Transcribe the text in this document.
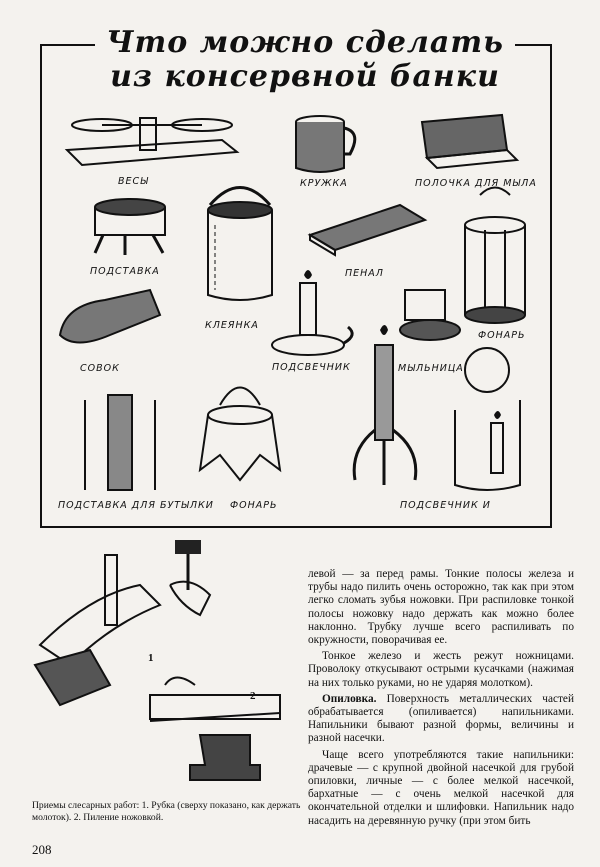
Что можно сделать
из консервной банки
ВЕСЫ	КРУЖКА	ПОЛОЧКА ДЛЯ МЫЛА
ПОДСТАВКА
КЛЕЯНКА
ПЕНАЛ
ФОНАРЬ
СОВОК	ПОДСВЕЧНИК	МЫЛЬНИЦА
ПОДСТАВКА ДЛЯ БУТЫЛКИ ФОНАРЬ	ПОДСВЕЧНИК И
1
2
Приемы слесарных работ: 1. Рубка (сверху показано, как держать молоток). 2. Пиление ножовкой.
208

левой — за перед рамы. Тонкие полосы железа и трубы надо пилить очень осторожно, так как при этом легко сломать зубья ножовки. При распиловке тонкой полосы ножовку надо держать как можно более наклонно. Трубку лучше всего распиливать по окружности, поворачивая ее.

Тонкое железо и жесть режут ножницами. Проволоку откусывают острыми кусачками (нажимая на них только руками, но не ударяя молотком).

Опиловка. Поверхность металлических частей обрабатывается (опиливается) напильниками. Напильники бывают разной формы, величины и разной насечки.

Чаще всего употребляются такие напильники: драчевые — с крупной двойной насечкой для грубой опиловки, личные — с более мелкой насечкой, бархатные — с очень мелкой насечкой для окончательной отделки и шлифовки. Напильник надо насадить на деревянную ручку (при этом бить
